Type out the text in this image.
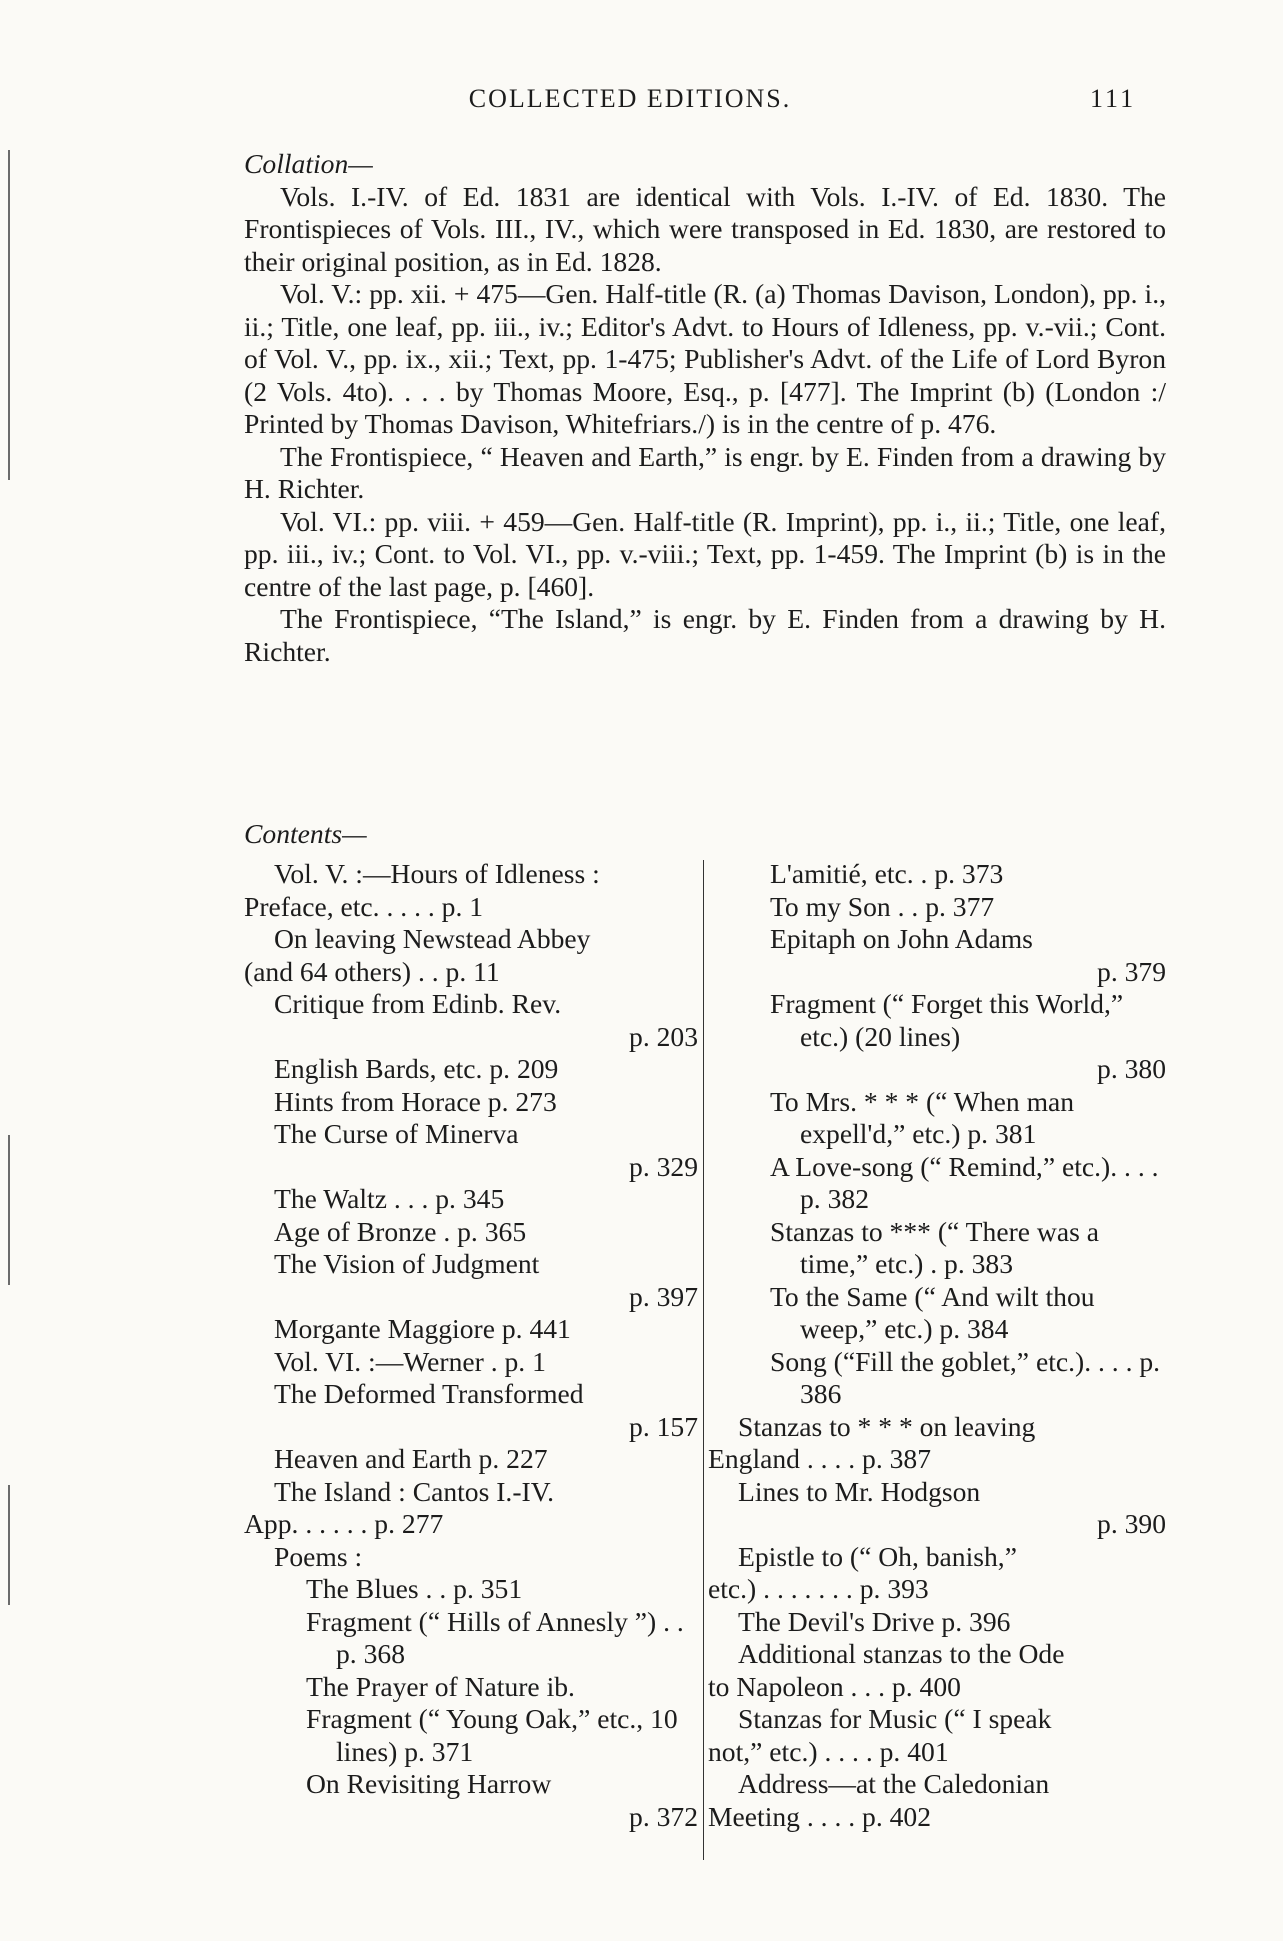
COLLECTED EDITIONS.	111

Collation—

Vols. I.-IV. of Ed. 1831 are identical with Vols. I.-IV. of Ed. 1830. The Frontispieces of Vols. III., IV., which were transposed in Ed. 1830, are restored to their original position, as in Ed. 1828.

Vol. V.: pp. xii. + 475—Gen. Half-title (R. (a) Thomas Davison, London), pp. i., ii.; Title, one leaf, pp. iii., iv.; Editor's Advt. to Hours of Idleness, pp. v.-vii.; Cont. of Vol. V., pp. ix., xii.; Text, pp. 1-475; Publisher's Advt. of the Life of Lord Byron (2 Vols. 4to). . . . by Thomas Moore, Esq., p. [477]. The Imprint (b) (London :/ Printed by Thomas Davison, Whitefriars./) is in the centre of p. 476.

The Frontispiece, “ Heaven and Earth,” is engr. by E. Finden from a drawing by H. Richter.

Vol. VI.: pp. viii. + 459—Gen. Half-title (R. Imprint), pp. i., ii.; Title, one leaf, pp. iii., iv.; Cont. to Vol. VI., pp. v.-viii.; Text, pp. 1-459. The Imprint (b) is in the centre of the last page, p. [460].

The Frontispiece, “The Island,” is engr. by E. Finden from a drawing by H. Richter.

Contents—

Vol. V. :—Hours of Idleness :

Preface, etc. . . . . p. 1

On leaving Newstead Abbey

(and 64 others) . . p. 11

Critique from Edinb. Rev.

p. 203

English Bards, etc. p. 209

Hints from Horace p. 273

The Curse of Minerva

p. 329

The Waltz . . . p. 345

Age of Bronze . p. 365

The Vision of Judgment

p. 397

Morgante Maggiore p. 441

Vol. VI. :—Werner . p. 1

The Deformed Transformed

p. 157

Heaven and Earth p. 227

The Island : Cantos I.-IV.

App. . . . . . p. 277

Poems :

The Blues . . p. 351

Fragment (“ Hills of Annesly ”) . . p. 368

The Prayer of Nature ib.

Fragment (“ Young Oak,” etc., 10 lines) p. 371

On Revisiting Harrow

p. 372

L'amitié, etc. . p. 373

To my Son . . p. 377

Epitaph on John Adams

p. 379

Fragment (“ Forget this World,” etc.) (20 lines)

p. 380

To Mrs. * * * (“ When man expell'd,” etc.) p. 381

A Love-song (“ Remind,” etc.). . . . p. 382

Stanzas to *** (“ There was a time,” etc.) . p. 383

To the Same (“ And wilt thou weep,” etc.) p. 384

Song (“Fill the goblet,” etc.). . . . p. 386

Stanzas to * * * on leaving

England . . . . p. 387

Lines to Mr. Hodgson

p. 390

Epistle to (“ Oh, banish,”

etc.) . . . . . . . p. 393

The Devil's Drive p. 396

Additional stanzas to the Ode

to Napoleon . . . p. 400

Stanzas for Music (“ I speak

not,” etc.) . . . . p. 401

Address—at the Caledonian

Meeting . . . . p. 402
